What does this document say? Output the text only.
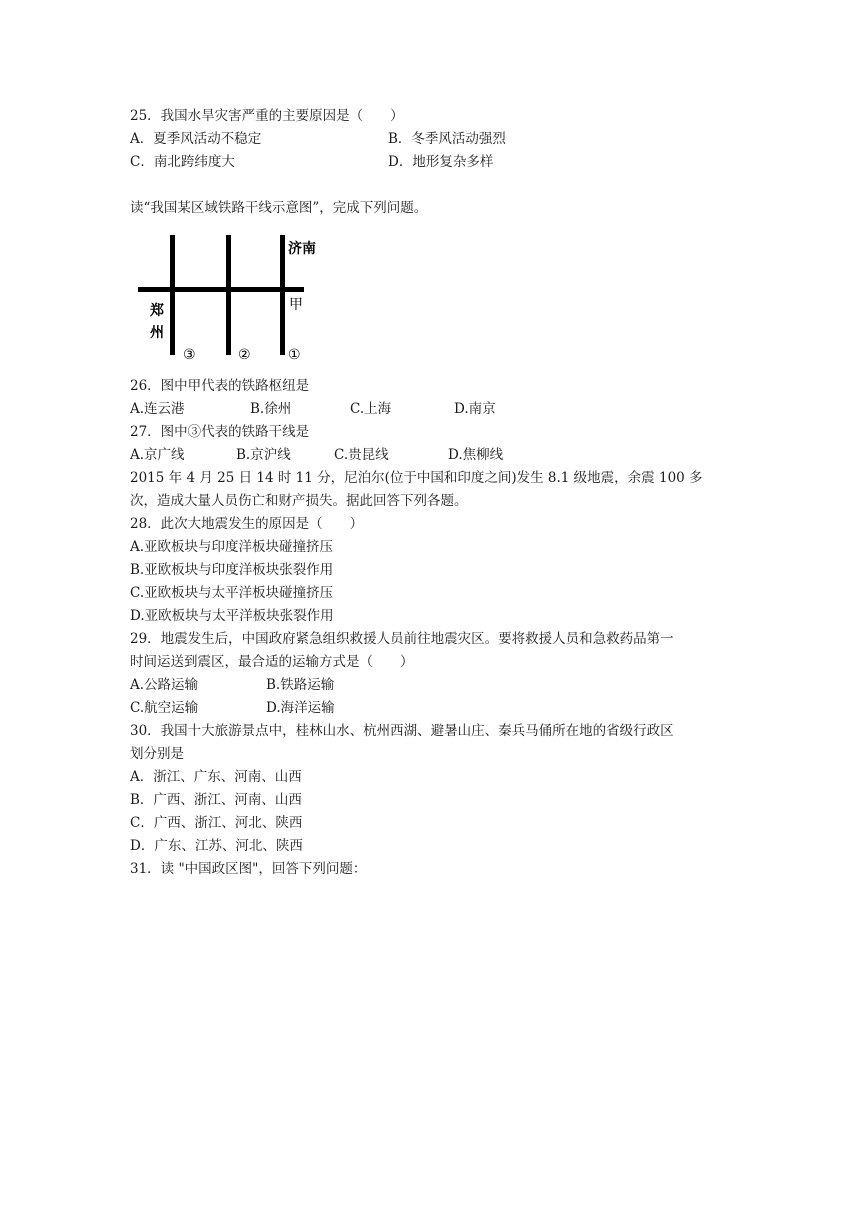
25．我国水旱灾害严重的主要原因是（　　）
A．夏季风活动不稳定	B．冬季风活动强烈
C．南北跨纬度大	D．地形复杂多样
读“我国某区域铁路干线示意图”，完成下列问题。
济南
郑
州
甲
③	②	①
26．图中甲代表的铁路枢纽是
A.连云港	B.徐州	C.上海	D.南京
27．图中③代表的铁路干线是
A.京广线	B.京沪线	C.贵昆线	D.焦柳线
2015 年 4 月 25 日 14 时 11 分，尼泊尔(位于中国和印度之间)发生 8.1 级地震，余震 100 多
次，造成大量人员伤亡和财产损失。据此回答下列各题。
28．此次大地震发生的原因是（　　）
A.亚欧板块与印度洋板块碰撞挤压
B.亚欧板块与印度洋板块张裂作用
C.亚欧板块与太平洋板块碰撞挤压
D.亚欧板块与太平洋板块张裂作用
29．地震发生后，中国政府紧急组织救援人员前往地震灾区。要将救援人员和急救药品第一
时间运送到震区，最合适的运输方式是（　　）
A.公路运输	B.铁路运输
C.航空运输	D.海洋运输
30．我国十大旅游景点中，桂林山水、杭州西湖、避暑山庄、秦兵马俑所在地的省级行政区
划分别是
A．浙江、广东、河南、山西
B．广西、浙江、河南、山西
C．广西、浙江、河北、陕西
D．广东、江苏、河北、陕西
31．读 "中国政区图"，回答下列问题：
